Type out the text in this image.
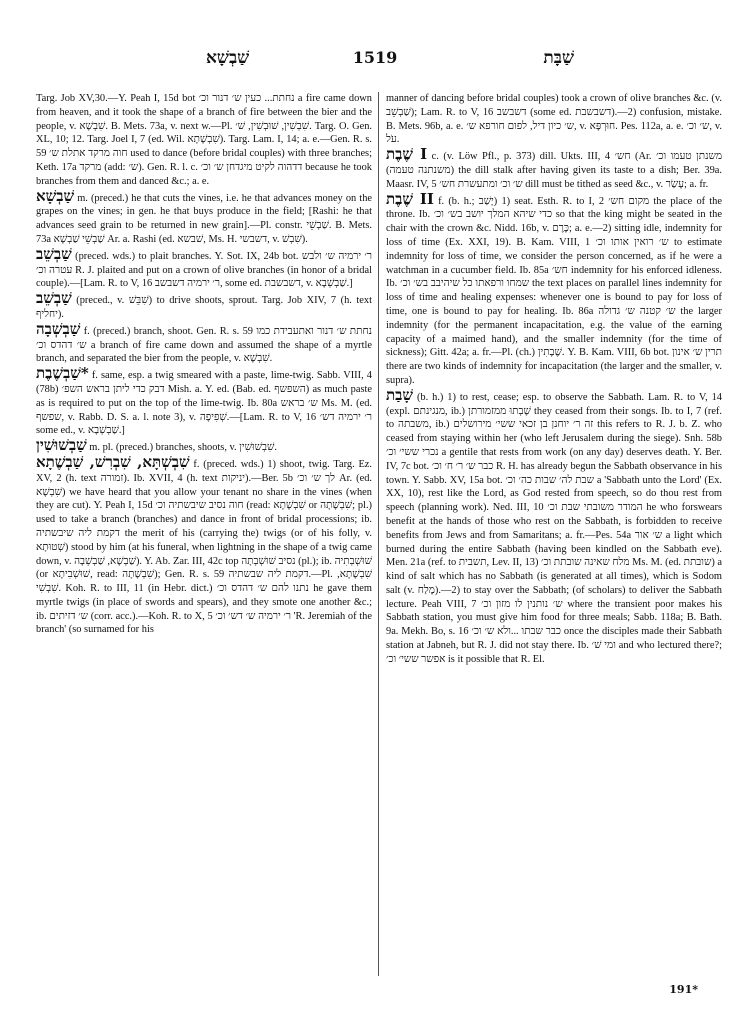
שַׁבְשָׁא	1519	שַׁבָּת

Targ. Job XV,30.—Y. Peah I, 15d bot נחתת... כעין ש׳ דנור וכ׳ a fire came down from heaven, and it took the shape of a branch of fire between the bier and the people, v. שִׁבְשָׁא. B. Mets. 73a, v. next w.—Pl. שִׁבְשִׁין, שׁוּבְשִׁין, שׁ׳. Targ. O. Gen. XL, 10; 12. Targ. Joel I, 7 (ed. Wil. שִׁבְשָׁתָא). Targ. Lam. I, 14; a. e.—Gen. R. s. 59 חוה מרקד אתלת ש׳ used to dance (before bridal couples) with three branches; Keth. 17a מרקד (add: ש׳). Gen. R. l. c. דדהוה לקיט מיגדחן ש׳ וכ׳ because he took branches from them and danced &c.; a. e.

שַׁבְשָׁא m. (preced.) he that cuts the vines, i.e. he that advances money on the grapes on the vines; in gen. he that buys produce in the field; [Rashi: he that advances seed grain to be returned in new grain].—Pl. constr. שַׁבְשֵׁי. B. Mets. 73a שַׁבְשֵׁי שַׁבְשָׁא Ar. a. Rashi (ed. שׁבשא, Ms. H. דשבשי, v. שִׁבְשׁ).

שַׁבְשֵׁב (preced. wds.) to plait branches. Y. Sot. IX, 24b bot. ר׳ ירמיה ש׳ ולבש עטרה וכ׳ R. J. plaited and put on a crown of olive branches (in honor of a bridal couple).—[Lam. R. to V, 16 ר׳ ירמיה דשבשב, some ed. דשבשבת, v. שַׁבְשְׁבָא.]

שַׁבְשֵׁב (preced., v. שִׁבֵּשׁ) to drive shoots, sprout. Targ. Job XIV, 7 (h. text יחליף).

שַׁבְשְׁבָה f. (preced.) branch, shoot. Gen. R. s. 59 נחתת ש׳ דנור ואתעבידת כמו ש׳ דהדס וכ׳ a branch of fire came down and assumed the shape of a myrtle branch, and separated the bier from the people, v. שִׁבְשָׁא.

שַׁבְשֶׁבֶת* f. same, esp. a twig smeared with a paste, lime-twig. Sabb. VIII, 4 (78b) דבק כדי ליתן בראש השפ׳ Mish. a. Y. ed. (Bab. ed. השפשף) as much paste as is required to put on the top of the lime-twig. Ib. 80a ש׳ בראש Ms. M. (ed. שפשף, v. Rabb. D. S. a. l. note 3), v. שְׁפִיפָה.—[Lam. R. to V, 16 ר׳ ירמיה דש׳ some ed., v. שַׁבְשְׁבָא.]

שַׁבְשׁוּשִׁין m. pl. (preced.) branches, shoots, v. שִׁבְשׁוּשִׁין.

שִׁבְשְׁתָּא, שִׁבְרִשׁ, שַׁבְשֶׁתָא f. (preced. wds.) 1) shoot, twig. Targ. Ez. XV, 2 (h. text זמורה). Ib. XVII, 4 (h. text יניקות).—Ber. 5b לך ש׳ וכ׳ Ar. (ed. שִׁבְשָׁא) we have heard that you allow your tenant no share in the vines (when they are cut). Y. Peah I, 15d חוה נסיב שיבשתיה וכ׳ (read: שִׁבְשָׁתָא or שִׁבְשָׁתָה; pl.) used to take a branch (branches) and dance in front of bridal processions; ib. דקמת ליה שיבשתיה the merit of his (carrying the) twigs (or of his folly, v. שְׁטוּתָא) stood by him (at his funeral, when lightning in the shape of a twig came down, v. שַׁבְשָׁא, שַׁבְשְׁבָה). Y. Ab. Zar. III, 42c top נסיב שׁוּשְׁבְתָה (pl.); ib. שׁוּשְׁבְתִיה (or שׁוּשְׁבִיתָא, read: שִׁבְשָׁתָה); Gen. R. s. 59 דקמת ליה שבשתיה.—Pl. שִׁבְשָׁתָא, שִׁבְשִׁי. Koh. R. to III, 11 (in Hebr. dict.) נתנו להם ש׳ דהדס וכ׳ he gave them myrtle twigs (in place of swords and spears), and they smote one another &c.; ib. ש׳ דזיתים (corr. acc.).—Koh. R. to X, 5 ר׳ ירמיה ש׳ דש׳ וכ׳ 'R. Jeremiah of the branch' (so surnamed for his

manner of dancing before bridal couples) took a crown of olive branches &c. (v. שַׁבְשֵׁב); Lam. R. to V, 16 דשבשב (some ed. דשבשבת).—2) confusion, mistake. B. Mets. 96b, a. e. ש׳ כיון דיל, לפום חורפא ש׳, v. חוּרְפָּא. Pes. 112a, a. e. ש׳ וכ׳, v. עֹל.

שֶׁבֶת I c. (v. Löw Pfl., p. 373) dill. Ukts. III, 4 חש׳ (Ar. משנתן טעמו וכ׳ (משנתנה טעמה) the dill stalk after having given its taste to a dish; Ber. 39a. Maasr. IV, 5 ש׳ וכ׳ ומתעשרת חש׳ dill must be tithed as seed &c., v. עָשַׂר; a. fr.

שֶׁבֶת II f. (b. h.; יָשַׁב) 1) seat. Esth. R. to I, 2 מקום חש׳ the place of the throne. Ib. כדי שיהא המלך יושב בש׳ וכ׳ so that the king might be seated in the chair with the crown &c. Nidd. 16b, v. כֶּרֶם; a. e.—2) sitting idle, indemnity for loss of time (Ex. XXI, 19). B. Kam. VIII, 1 ש׳ רואין אותו וכ׳ to estimate indemnity for loss of time, we consider the person concerned, as if he were a watchman in a cucumber field. Ib. 85a חש׳ indemnity for his enforced idleness. Ib. שמחו ורפאתו כל שיהיבב בש׳ וכ׳ the text places on parallel lines indemnity for loss of time and healing expenses: whenever one is bound to pay for loss of time, one is bound to pay for healing. Ib. 86a ש׳ קטנה ש׳ גדולה the larger indemnity (for the permanent incapacitation, e.g. the value of the earning capacity of a maimed hand), and the smaller indemnity (for the time of sickness); Gitt. 42a; a. fr.—Pl. (ch.) שֶׁבָתִין. Y. B. Kam. VIII, 6b bot. תרין ש׳ אינון there are two kinds of indemnity for incapacitation (the larger and the smaller, v. supra).

שָׁבַת (b. h.) 1) to rest, cease; esp. to observe the Sabbath. Lam. R. to V, 14 (expl. מנגינתם, ib.) שָׁבְתוּ ממזמורתן they ceased from their songs. Ib. to I, 7 (ref. to משבתה, ib.) זה ר׳ יוחנן בן זכאי ששי׳ מירושלים this refers to R. J. b. Z. who ceased from staying within her (who left Jerusalem during the siege). Snh. 58b נכרי ששי׳ וכ׳ a gentile that rests from work (on any day) deserves death. Y. Ber. IV, 7c bot. כבר ש׳ ר׳ ח׳ וכ׳ R. H. has already begun the Sabbath observance in his town. Y. Sabb. XV, 15a bot. שבת לה׳ שבות כה׳ וכ׳ a 'Sabbath unto the Lord' (Ex. XX, 10), rest like the Lord, as God rested from speech, so do thou rest from speech (planning work). Ned. III, 10 המודר משובתי שבת וכ׳ he who forswears benefit at the hands of those who rest on the Sabbath, is forbidden to receive benefits from Jews and from Samaritans; a. fr.—Pes. 54a ש׳ אור a light which burned during the entire Sabbath (having been kindled on the Sabbath eve). Men. 21a (ref. to תשבית, Lev. II, 13) מלח שאינה שובתת וכ׳ Ms. M. (ed. שובתת) a kind of salt which has no Sabbath (is generated at all times), which is Sodom salt (v. מֶלַח).—2) to stay over the Sabbath; (of scholars) to deliver the Sabbath lecture. Peah VIII, 7 ש׳ נותנין לו מזון וכ׳ where the transient poor makes his Sabbath station, you must give him food for three meals; Sabb. 118a; B. Bath. 9a. Mekh. Bo, s. 16 כבר שבתו ...ולא ש׳ וכ׳ once the disciples made their Sabbath station at Jabneh, but R. J. did not stay there. Ib. ומי שׁ׳ and who lectured there?; אפשר ששי׳ וכ׳ is it possible that R. El.

191*
